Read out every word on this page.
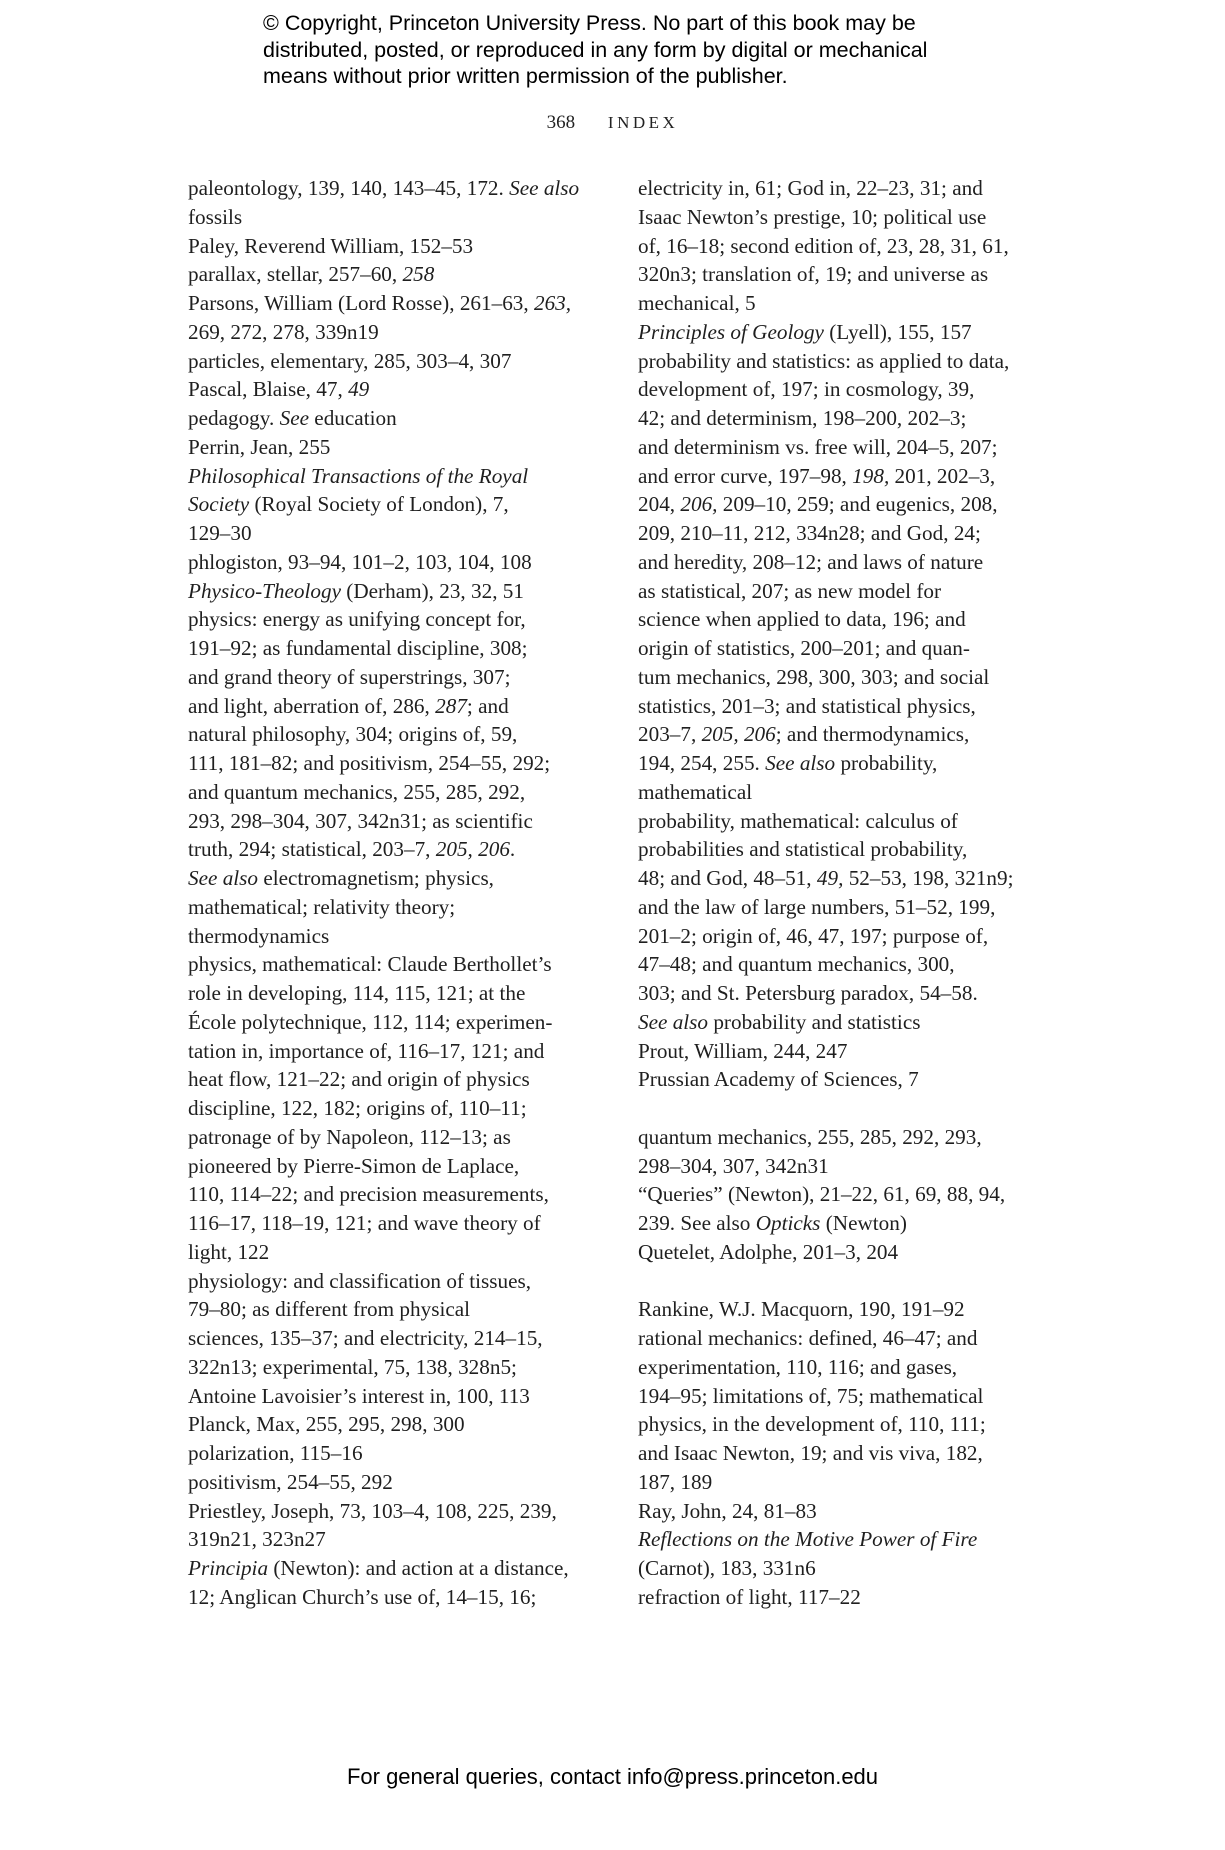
© Copyright, Princeton University Press. No part of this book may be
distributed, posted, or reproduced in any form by digital or mechanical
means without prior written permission of the publisher.
368 INDEX
paleontology, 139, 140, 143–45, 172. See also
fossils
Paley, Reverend William, 152–53
parallax, stellar, 257–60, 258
Parsons, William (Lord Rosse), 261–63, 263,
269, 272, 278, 339n19
particles, elementary, 285, 303–4, 307
Pascal, Blaise, 47, 49
pedagogy. See education
Perrin, Jean, 255
Philosophical Transactions of the Royal
Society (Royal Society of London), 7,
129–30
phlogiston, 93–94, 101–2, 103, 104, 108
Physico-Theology (Derham), 23, 32, 51
physics: energy as unifying concept for,
191–92; as fundamental discipline, 308;
and grand theory of superstrings, 307;
and light, aberration of, 286, 287; and
natural philosophy, 304; origins of, 59,
111, 181–82; and positivism, 254–55, 292;
and quantum mechanics, 255, 285, 292,
293, 298–304, 307, 342n31; as scientific
truth, 294; statistical, 203–7, 205, 206.
See also electromagnetism; physics,
mathematical; relativity theory;
thermodynamics
physics, mathematical: Claude Berthollet’s
role in developing, 114, 115, 121; at the
École polytechnique, 112, 114; experimen-
tation in, importance of, 116–17, 121; and
heat flow, 121–22; and origin of physics
discipline, 122, 182; origins of, 110–11;
patronage of by Napoleon, 112–13; as
pioneered by Pierre-Simon de Laplace,
110, 114–22; and precision measurements,
116–17, 118–19, 121; and wave theory of
light, 122
physiology: and classification of tissues,
79–80; as different from physical
sciences, 135–37; and electricity, 214–15,
322n13; experimental, 75, 138, 328n5;
Antoine Lavoisier’s interest in, 100, 113
Planck, Max, 255, 295, 298, 300
polarization, 115–16
positivism, 254–55, 292
Priestley, Joseph, 73, 103–4, 108, 225, 239,
319n21, 323n27
Principia (Newton): and action at a distance,
12; Anglican Church’s use of, 14–15, 16;
electricity in, 61; God in, 22–23, 31; and
Isaac Newton’s prestige, 10; political use
of, 16–18; second edition of, 23, 28, 31, 61,
320n3; translation of, 19; and universe as
mechanical, 5
Principles of Geology (Lyell), 155, 157
probability and statistics: as applied to data,
development of, 197; in cosmology, 39,
42; and determinism, 198–200, 202–3;
and determinism vs. free will, 204–5, 207;
and error curve, 197–98, 198, 201, 202–3,
204, 206, 209–10, 259; and eugenics, 208,
209, 210–11, 212, 334n28; and God, 24;
and heredity, 208–12; and laws of nature
as statistical, 207; as new model for
science when applied to data, 196; and
origin of statistics, 200–201; and quan-
tum mechanics, 298, 300, 303; and social
statistics, 201–3; and statistical physics,
203–7, 205, 206; and thermodynamics,
194, 254, 255. See also probability,
mathematical
probability, mathematical: calculus of
probabilities and statistical probability,
48; and God, 48–51, 49, 52–53, 198, 321n9;
and the law of large numbers, 51–52, 199,
201–2; origin of, 46, 47, 197; purpose of,
47–48; and quantum mechanics, 300,
303; and St. Petersburg paradox, 54–58.
See also probability and statistics
Prout, William, 244, 247
Prussian Academy of Sciences, 7
quantum mechanics, 255, 285, 292, 293,
298–304, 307, 342n31
“Queries” (Newton), 21–22, 61, 69, 88, 94,
239. See also Opticks (Newton)
Quetelet, Adolphe, 201–3, 204
Rankine, W.J. Macquorn, 190, 191–92
rational mechanics: defined, 46–47; and
experimentation, 110, 116; and gases,
194–95; limitations of, 75; mathematical
physics, in the development of, 110, 111;
and Isaac Newton, 19; and vis viva, 182,
187, 189
Ray, John, 24, 81–83
Reflections on the Motive Power of Fire
(Carnot), 183, 331n6
refraction of light, 117–22
For general queries, contact info@press.princeton.edu
